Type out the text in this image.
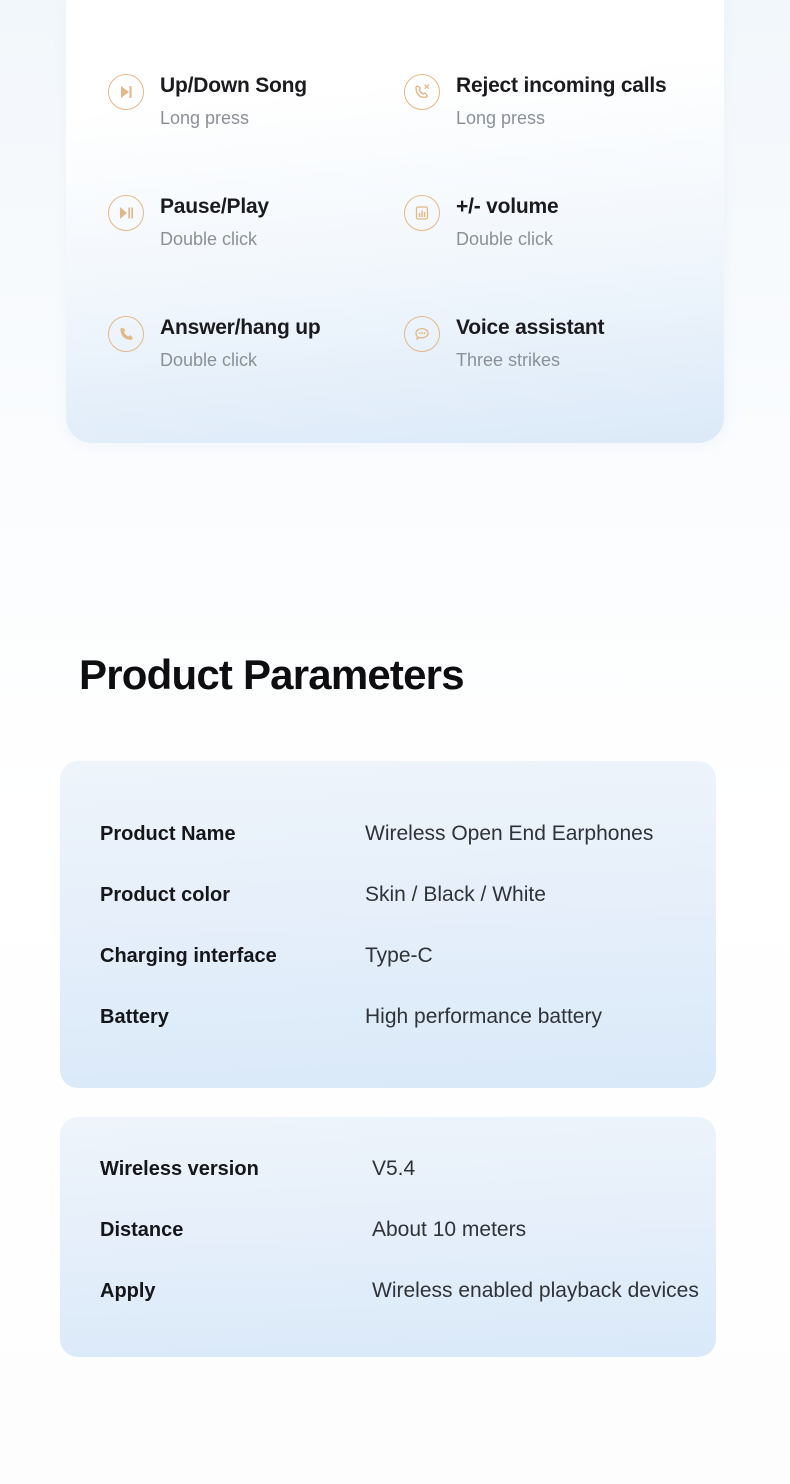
Up/Down Song
Long press
Reject incoming calls
Long press
Pause/Play
Double click
+/- volume
Double click
Answer/hang up
Double click
Voice assistant
Three strikes
Product Parameters
Product Name	Wireless Open End Earphones
Product color	Skin / Black / White
Charging interface	Type-C
Battery	High performance battery
Wireless version	V5.4
Distance	About 10 meters
Apply	Wireless enabled playback devices
